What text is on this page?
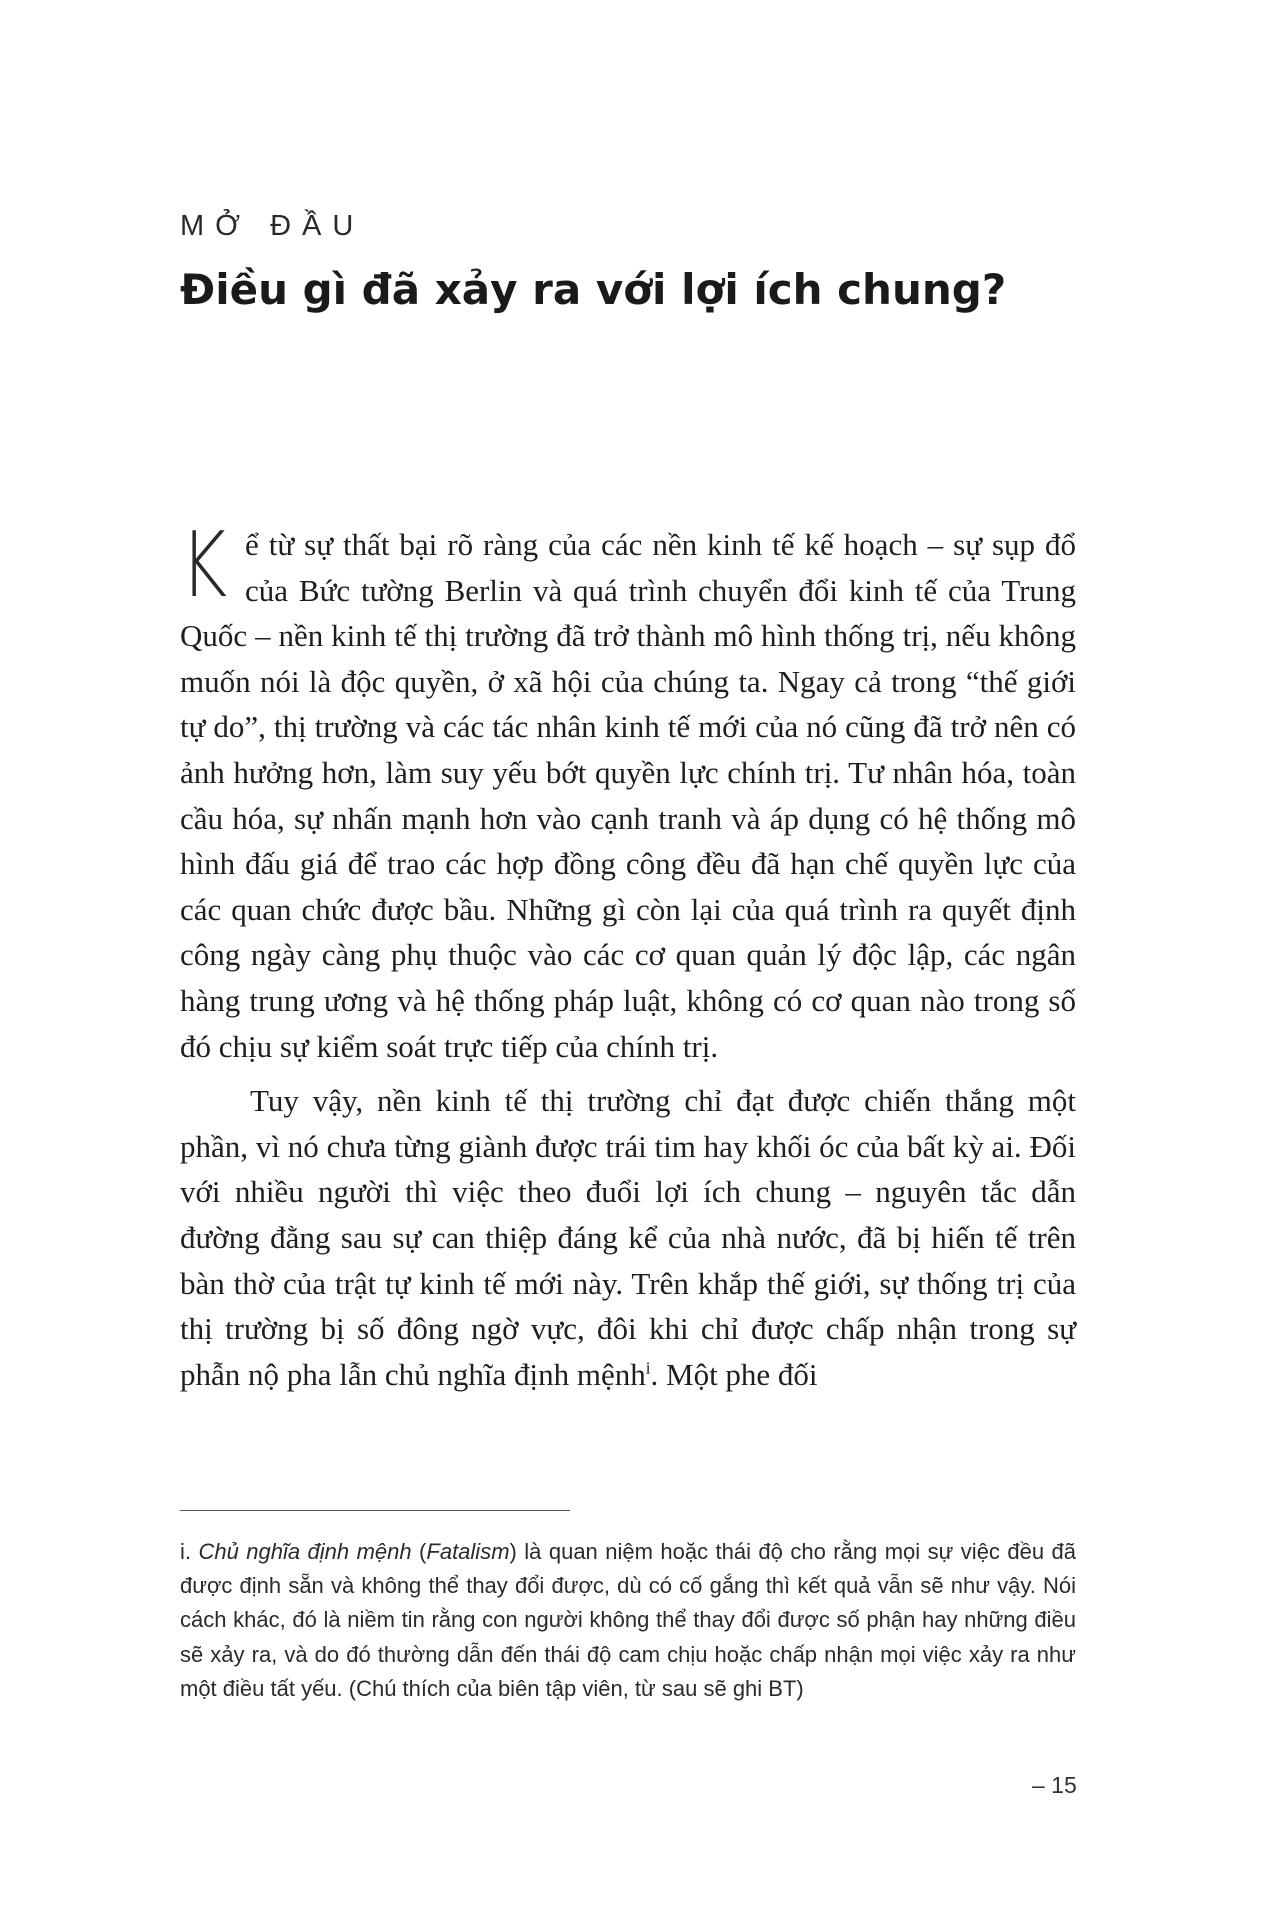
MỞ ĐẦU
Điều gì đã xảy ra với lợi ích chung?

Kể từ sự thất bại rõ ràng của các nền kinh tế kế hoạch – sự sụp đổ của Bức tường Berlin và quá trình chuyển đổi kinh tế của Trung Quốc – nền kinh tế thị trường đã trở thành mô hình thống trị, nếu không muốn nói là độc quyền, ở xã hội của chúng ta. Ngay cả trong “thế giới tự do”, thị trường và các tác nhân kinh tế mới của nó cũng đã trở nên có ảnh hưởng hơn, làm suy yếu bớt quyền lực chính trị. Tư nhân hóa, toàn cầu hóa, sự nhấn mạnh hơn vào cạnh tranh và áp dụng có hệ thống mô hình đấu giá để trao các hợp đồng công đều đã hạn chế quyền lực của các quan chức được bầu. Những gì còn lại của quá trình ra quyết định công ngày càng phụ thuộc vào các cơ quan quản lý độc lập, các ngân hàng trung ương và hệ thống pháp luật, không có cơ quan nào trong số đó chịu sự kiểm soát trực tiếp của chính trị.

Tuy vậy, nền kinh tế thị trường chỉ đạt được chiến thắng một phần, vì nó chưa từng giành được trái tim hay khối óc của bất kỳ ai. Đối với nhiều người thì việc theo đuổi lợi ích chung – nguyên tắc dẫn đường đằng sau sự can thiệp đáng kể của nhà nước, đã bị hiến tế trên bàn thờ của trật tự kinh tế mới này. Trên khắp thế giới, sự thống trị của thị trường bị số đông ngờ vực, đôi khi chỉ được chấp nhận trong sự phẫn nộ pha lẫn chủ nghĩa định mệnh$^i$. Một phe đối

i. Chủ nghĩa định mệnh (Fatalism) là quan niệm hoặc thái độ cho rằng mọi sự việc đều đã được định sẵn và không thể thay đổi được, dù có cố gắng thì kết quả vẫn sẽ như vậy. Nói cách khác, đó là niềm tin rằng con người không thể thay đổi được số phận hay những điều sẽ xảy ra, và do đó thường dẫn đến thái độ cam chịu hoặc chấp nhận mọi việc xảy ra như một điều tất yếu. (Chú thích của biên tập viên, từ sau sẽ ghi BT)
– 15
